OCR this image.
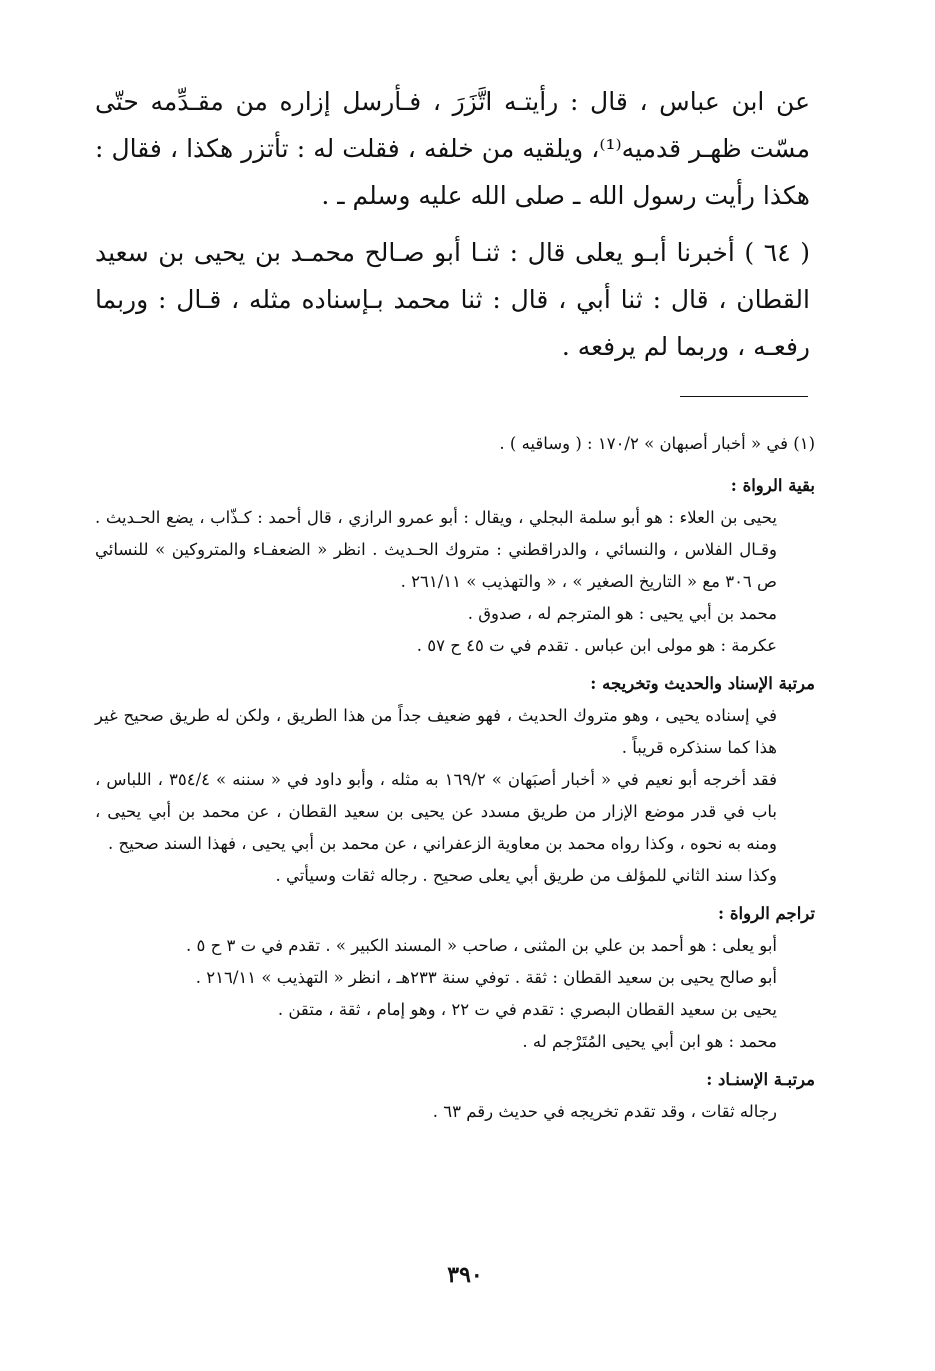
عن ابن عباس ، قال : رأيتـه اتَّزَرَ ، فـأرسل إزاره من مقـدِّمه حتّى مسّت ظهـر قدميه⁽¹⁾، ويلقيه من خلفه ، فقلت له : تأتزر هكذا ، فقال : هكذا رأيت رسول الله ـ صلى الله عليه وسلم ـ .

( ٦٤ ) أخبرنا أبـو يعلى قال : ثنـا أبو صـالح محمـد بن يحيى بن سعيد القطان ، قال : ثنا أبي ، قال : ثنا محمد بـإسناده مثله ، قـال : وربما رفعـه ، وربما لم يرفعه .

(١) في « أخبار أصبهان » ١٧٠/٢ : ( وساقيه ) .

بقية الرواة :

يحيى بن العلاء : هو أبو سلمة البجلي ، ويقال : أبو عمرو الرازي ، قال أحمد : كـذّاب ، يضع الحـديث . وقـال الفلاس ، والنسائي ، والدراقطني : متروك الحـديث . انظر « الضعفـاء والمتروكين » للنسائي ص ٣٠٦ مع « التاريخ الصغير » ، « والتهذيب » ٢٦١/١١ .
محمد بن أبي يحيى : هو المترجم له ، صدوق .
عكرمة : هو مولى ابن عباس . تقدم في ت ٤٥ ح ٥٧ .

مرتبة الإسناد والحديث وتخريجه :

في إسناده يحيى ، وهو متروك الحديث ، فهو ضعيف جداً من هذا الطريق ، ولكن له طريق صحيح غير هذا كما سنذكره قريباً .
فقد أخرجه أبو نعيم في « أخبار أصبَهان » ١٦٩/٢ به مثله ، وأبو داود في « سننه » ٣٥٤/٤ ، اللباس ، باب في قدر موضع الإزار من طريق مسدد عن يحيى بن سعيد القطان ، عن محمد بن أبي يحيى ، ومنه به نحوه ، وكذا رواه محمد بن معاوية الزعفراني ، عن محمد بن أبي يحيى ، فهذا السند صحيح .
وكذا سند الثاني للمؤلف من طريق أبي يعلى صحيح . رجاله ثقات وسيأتي .

تراجم الرواة :

أبو يعلى : هو أحمد بن علي بن المثنى ، صاحب « المسند الكبير » . تقدم في ت ٣ ح ٥ .
أبو صالح يحيى بن سعيد القطان : ثقة . توفي سنة ٢٣٣هـ ، انظر « التهذيب » ٢١٦/١١ .
يحيى بن سعيد القطان البصري : تقدم في ت ٢٢ ، وهو إمام ، ثقة ، متقن .
محمد : هو ابن أبي يحيى المُتَرْجم له .

مرتبـة الإسنـاد :

رجاله ثقات ، وقد تقدم تخريجه في حديث رقم ٦٣ .
٣٩٠
